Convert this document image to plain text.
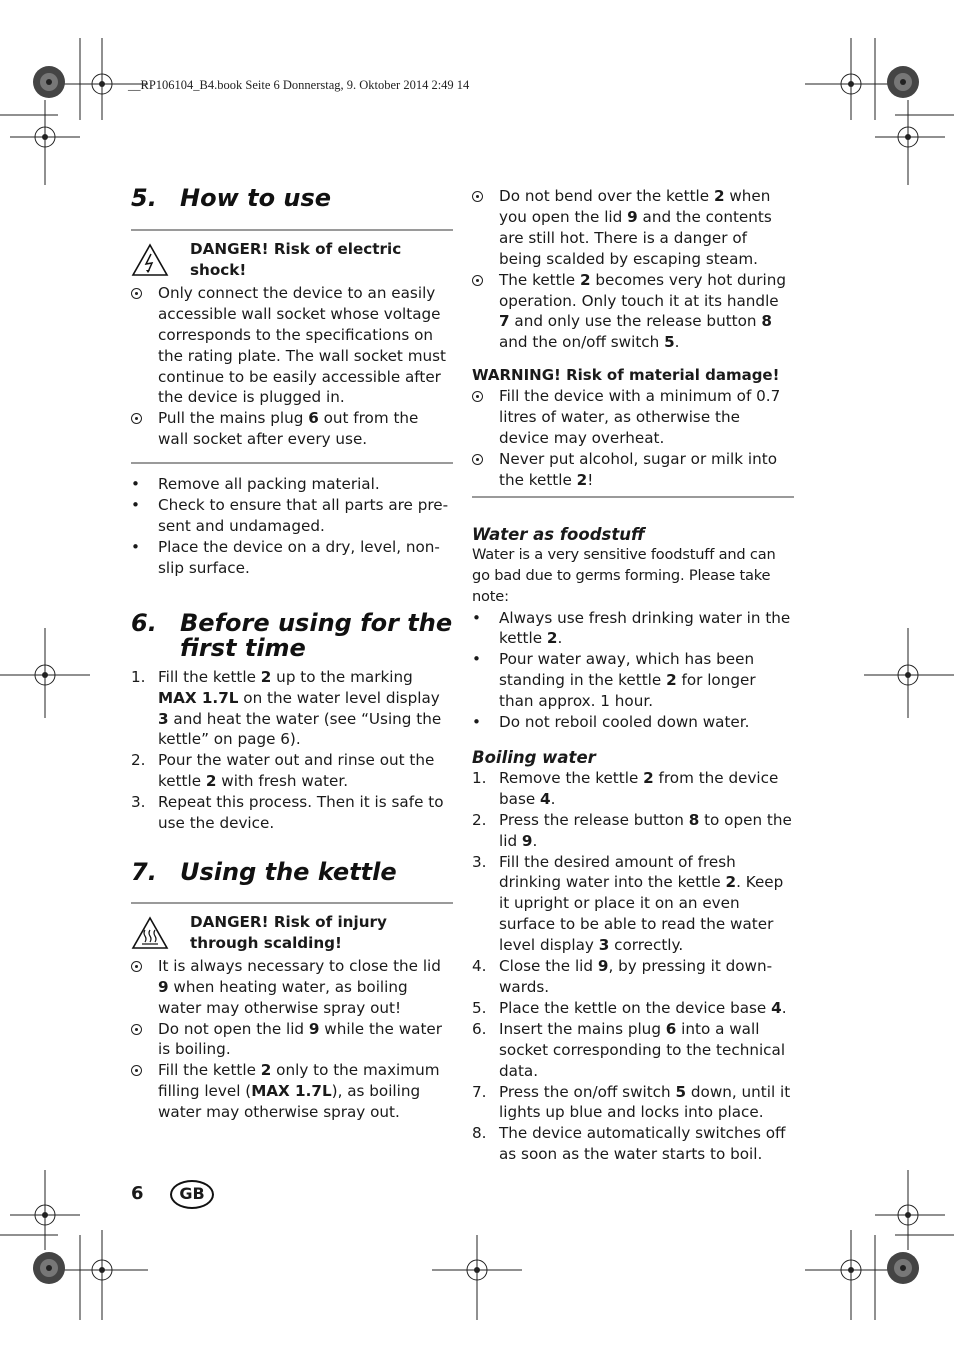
__RP106104_B4.book Seite 6 Donnerstag, 9. Oktober 2014 2:49 14
5. How to use
DANGER! Risk of electric shock!
Only connect the device to an easily accessible wall socket whose voltage corresponds to the specifications on the rating plate. The wall socket must continue to be easily accessible after the device is plugged in.
Pull the mains plug 6 out from the wall socket after every use.
•	Remove all packing material.
•	Check to ensure that all parts are present and undamaged.
•	Place the device on a dry, level, non-slip surface.
6. Before using for the first time
1. Fill the kettle 2 up to the marking MAX 1.7L on the water level display 3 and heat the water (see “Using the kettle” on page 6).
2. Pour the water out and rinse out the kettle 2 with fresh water.
3. Repeat this process. Then it is safe to use the device.
7. Using the kettle
DANGER! Risk of injury through scalding!
It is always necessary to close the lid 9 when heating water, as boiling water may otherwise spray out!
Do not open the lid 9 while the water is boiling.
Fill the kettle 2 only to the maximum filling level (MAX 1.7L), as boiling water may otherwise spray out.
Do not bend over the kettle 2 when you open the lid 9 and the contents are still hot. There is a danger of being scalded by escaping steam.
The kettle 2 becomes very hot during operation. Only touch it at its handle 7 and only use the release button 8 and the on/off switch 5.
WARNING! Risk of material damage!
Fill the device with a minimum of 0.7 litres of water, as otherwise the device may overheat.
Never put alcohol, sugar or milk into the kettle 2!
Water as foodstuff
Water is a very sensitive foodstuff and can go bad due to germs forming. Please take note:
•	Always use fresh drinking water in the kettle 2.
•	Pour water away, which has been standing in the kettle 2 for longer than approx. 1 hour.
•	Do not reboil cooled down water.
Boiling water
1. Remove the kettle 2 from the device base 4.
2. Press the release button 8 to open the lid 9.
3. Fill the desired amount of fresh drinking water into the kettle 2. Keep it upright or place it on an even surface to be able to read the water level display 3 correctly.
4. Close the lid 9, by pressing it downwards.
5. Place the kettle on the device base 4.
6. Insert the mains plug 6 into a wall socket corresponding to the technical data.
7. Press the on/off switch 5 down, until it lights up blue and locks into place.
8. The device automatically switches off as soon as the water starts to boil.
6	GB
